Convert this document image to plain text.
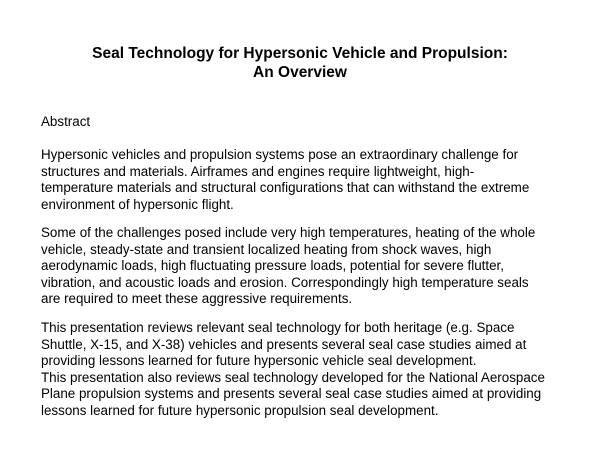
Seal Technology for Hypersonic Vehicle and Propulsion:
An Overview

Abstract

Hypersonic vehicles and propulsion systems pose an extraordinary challenge for
structures and materials. Airframes and engines require lightweight, high-
temperature materials and structural configurations that can withstand the extreme
environment of hypersonic flight.

Some of the challenges posed include very high temperatures, heating of the whole
vehicle, steady-state and transient localized heating from shock waves, high
aerodynamic loads, high fluctuating pressure loads, potential for severe flutter,
vibration, and acoustic loads and erosion. Correspondingly high temperature seals
are required to meet these aggressive requirements.

This presentation reviews relevant seal technology for both heritage (e.g. Space
Shuttle, X-15, and X-38) vehicles and presents several seal case studies aimed at
providing lessons learned for future hypersonic vehicle seal development.
This presentation also reviews seal technology developed for the National Aerospace
Plane propulsion systems and presents several seal case studies aimed at providing
lessons learned for future hypersonic propulsion seal development.
